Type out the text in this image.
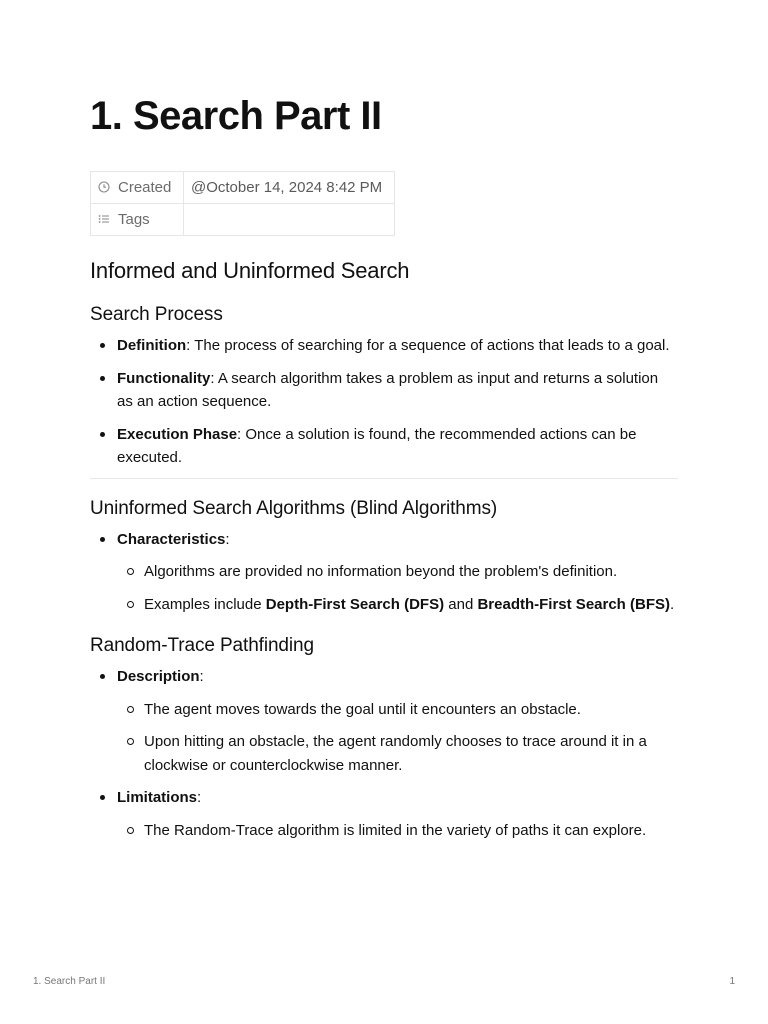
1. Search Part II
Created	@October 14, 2024 8:42 PM
Tags	
Informed and Uninformed Search
Search Process
Definition: The process of searching for a sequence of actions that leads to a goal.
Functionality: A search algorithm takes a problem as input and returns a solution as an action sequence.
Execution Phase: Once a solution is found, the recommended actions can be executed.
Uninformed Search Algorithms (Blind Algorithms)
Characteristics:
Algorithms are provided no information beyond the problem's definition.
Examples include Depth-First Search (DFS) and Breadth-First Search (BFS).
Random-Trace Pathfinding
Description:
The agent moves towards the goal until it encounters an obstacle.
Upon hitting an obstacle, the agent randomly chooses to trace around it in a clockwise or counterclockwise manner.
Limitations:
The Random-Trace algorithm is limited in the variety of paths it can explore.
1. Search Part II	1
